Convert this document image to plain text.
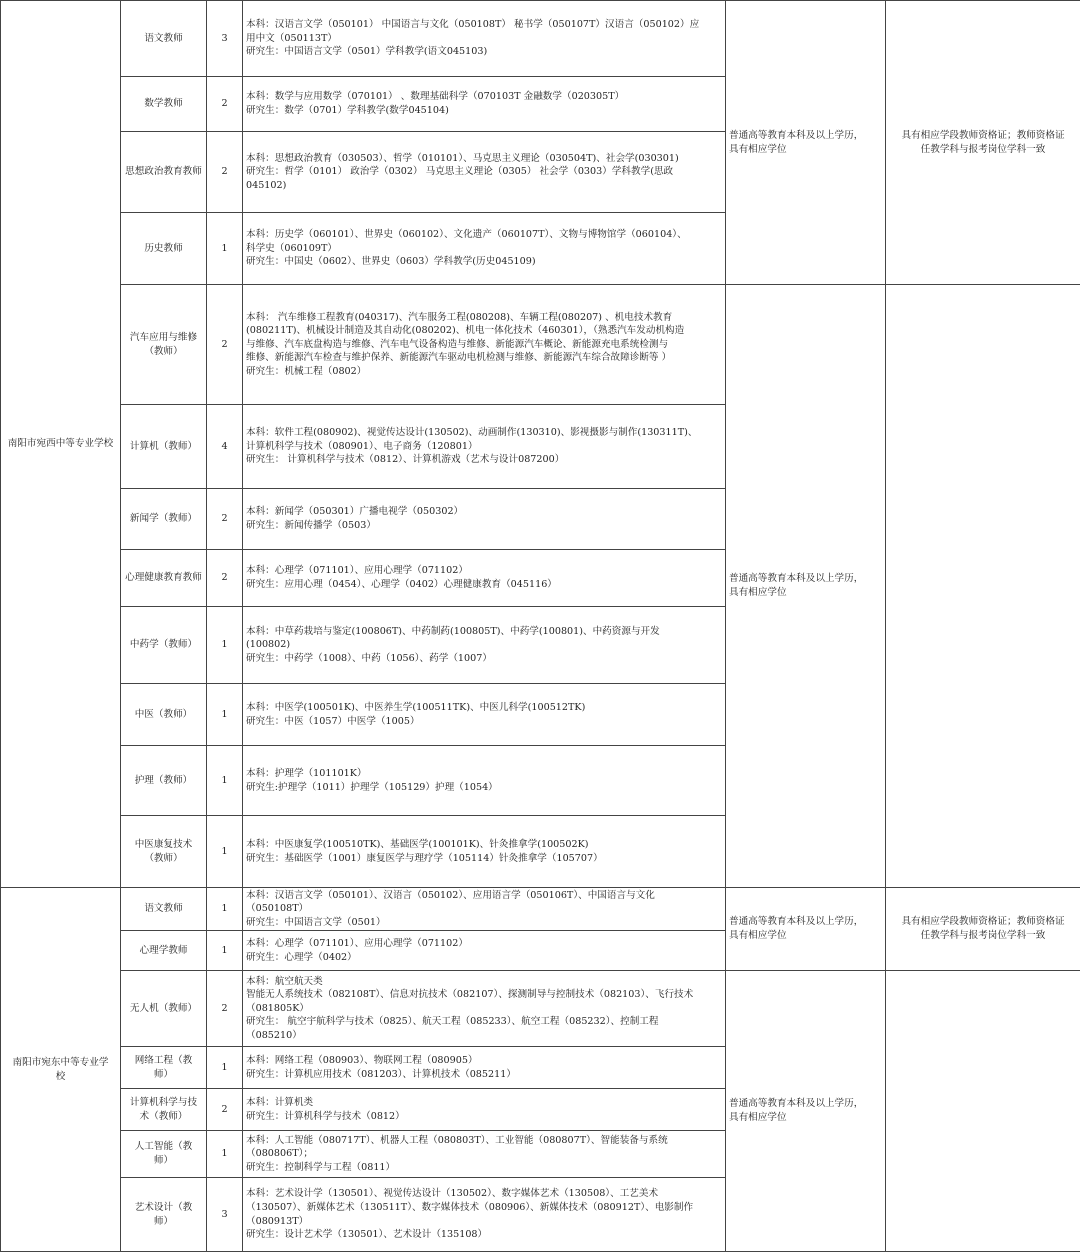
南阳市宛西中等专业学校	语文教师	3	本科：汉语言文学（050101） 中国语言与文化（050108T） 秘书学（050107T）汉语言（050102）应
用中文（050113T）
研究生：中国语言文学（0501）学科教学(语文045103)	普通高等教育本科及以上学历，
具有相应学位	具有相应学段教师资格证；教师资格证
任教学科与报考岗位学科一致

	数学教师	2	本科：数学与应用数学（070101） 、数理基础科学（070103T 金融数学（020305T）
研究生：数学（0701）学科教学(数学045104)		

	思想政治教育教师	2	本科：思想政治教育（030503）、哲学（010101）、马克思主义理论（030504T)、社会学(030301)
研究生：哲学（0101） 政治学（0302） 马克思主义理论（0305） 社会学（0303）学科教学(思政
045102)		

	历史教师	1	本科：历史学（060101）、世界史（060102）、文化遗产（060107T）、文物与博物馆学（060104）、
科学史（060109T）
研究生：中国史（0602）、世界史（0603）学科教学(历史045109)		

	汽车应用与维修
（教师）	2	本科： 汽车维修工程教育(040317)、汽车服务工程(080208)、车辆工程(080207) 、机电技术教育
(080211T)、机械设计制造及其自动化(080202)、机电一体化技术（460301），（熟悉汽车发动机构造
与维修、汽车底盘构造与维修、汽车电气设备构造与维修、新能源汽车概论、新能源充电系统检测与
维修、新能源汽车检查与维护保养、新能源汽车驱动电机检测与维修、新能源汽车综合故障诊断等 ）
研究生：机械工程（0802）	普通高等教育本科及以上学历，
具有相应学位	

	计算机（教师）	4	本科：软件工程(080902)、视觉传达设计(130502)、动画制作(130310)、影视摄影与制作(130311T)、
计算机科学与技术（080901）、电子商务（120801）
研究生： 计算机科学与技术（0812）、计算机游戏（艺术与设计087200）		

	新闻学（教师）	2	本科：新闻学（050301）广播电视学（050302）
研究生：新闻传播学（0503）		

	心理健康教育教师	2	本科：心理学（071101）、应用心理学（071102）
研究生：应用心理（0454）、心理学（0402）心理健康教育（045116）		

	中药学（教师）	1	本科：中草药栽培与鉴定(100806T)、中药制药(100805T)、中药学(100801)、中药资源与开发
(100802)
研究生：中药学（1008）、中药（1056）、药学（1007）		

	中医（教师）	1	本科：中医学(100501K)、中医养生学(100511TK)、中医儿科学(100512TK)
研究生：中医（1057）中医学（1005）		

	护理（教师）	1	本科：护理学（101101K）
研究生:护理学（1011）护理学（105129）护理（1054）		

	中医康复技术
（教师）	1	本科：中医康复学(100510TK)、基础医学(100101K)、针灸推拿学(100502K)
研究生：基础医学（1001）康复医学与理疗学（105114）针灸推拿学（105707）		

南阳市宛东中等专业学
校	语文教师	1	本科：汉语言文学（050101）、汉语言（050102）、应用语言学（050106T）、中国语言与文化
（050108T）
研究生：中国语言文学（0501）	普通高等教育本科及以上学历，
具有相应学位	具有相应学段教师资格证；教师资格证
任教学科与报考岗位学科一致

	心理学教师	1	本科：心理学（071101）、应用心理学（071102）
研究生：心理学（0402）		

	无人机（教师）	2	本科：航空航天类
智能无人系统技术（082108T）、信息对抗技术（082107）、探测制导与控制技术（082103）、飞行技术
（081805K）
研究生： 航空宇航科学与技术（0825）、航天工程（085233）、航空工程（085232）、控制工程
（085210）	普通高等教育本科及以上学历，
具有相应学位	

	网络工程（教
师）	1	本科：网络工程（080903）、物联网工程（080905）
研究生：计算机应用技术（081203）、计算机技术（085211）		

	计算机科学与技
术（教师）	2	本科：计算机类
研究生：计算机科学与技术（0812）		

	人工智能（教
师）	1	本科：人工智能（080717T）、机器人工程（080803T）、工业智能（080807T）、智能装备与系统
（080806T）；
研究生：控制科学与工程（0811）		

	艺术设计（教
师）	3	本科：艺术设计学（130501）、视觉传达设计（130502）、数字媒体艺术（130508）、工艺美术
（130507）、新媒体艺术（130511T）、数字媒体技术（080906）、新媒体技术（080912T）、电影制作
（080913T）
研究生：设计艺术学（130501）、艺术设计（135108）		
